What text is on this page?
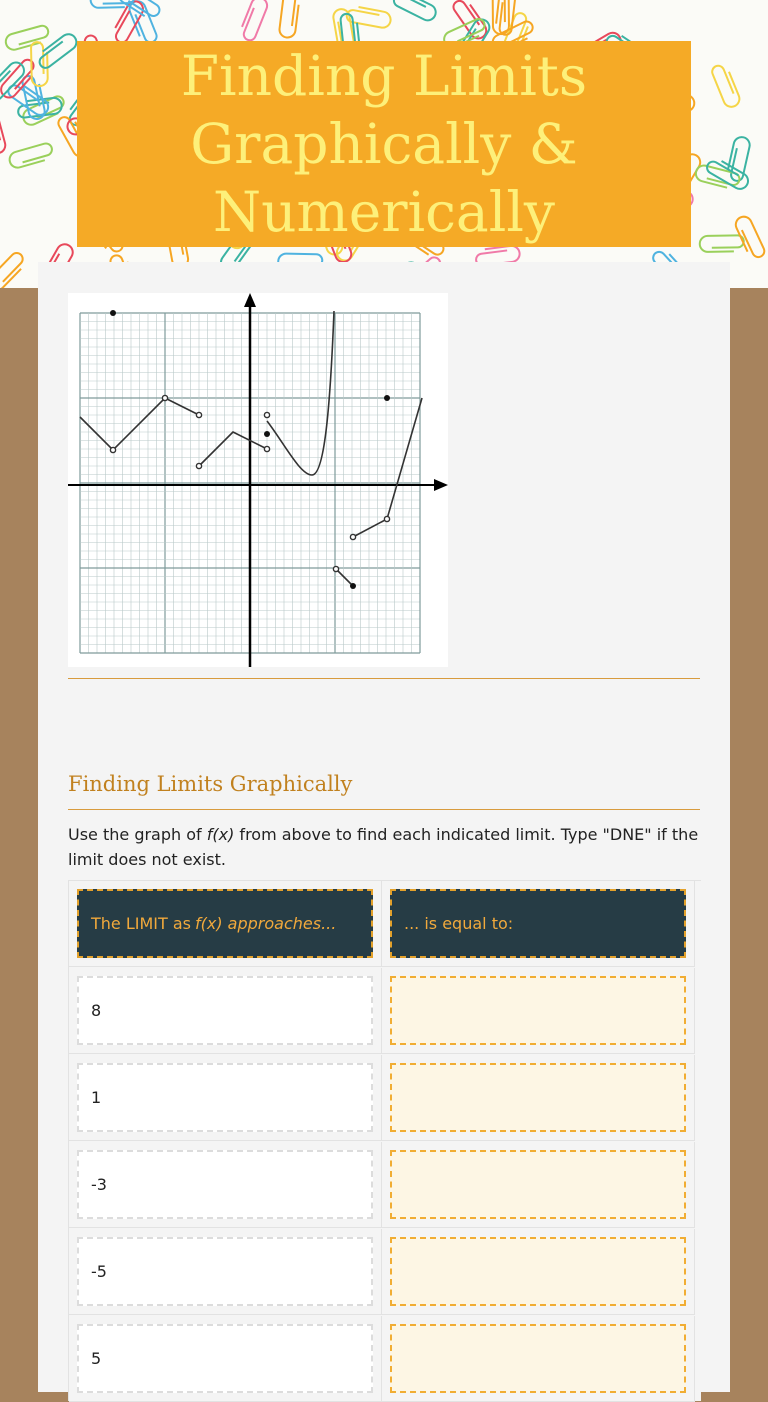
Finding Limits
Graphically &
Numerically
Finding Limits Graphically
Use the graph of f(x) from above to find each indicated limit. Type "DNE" if the limit does not exist.
The LIMIT as f(x) approaches...	... is equal to:
8
1
-3
-5
5
